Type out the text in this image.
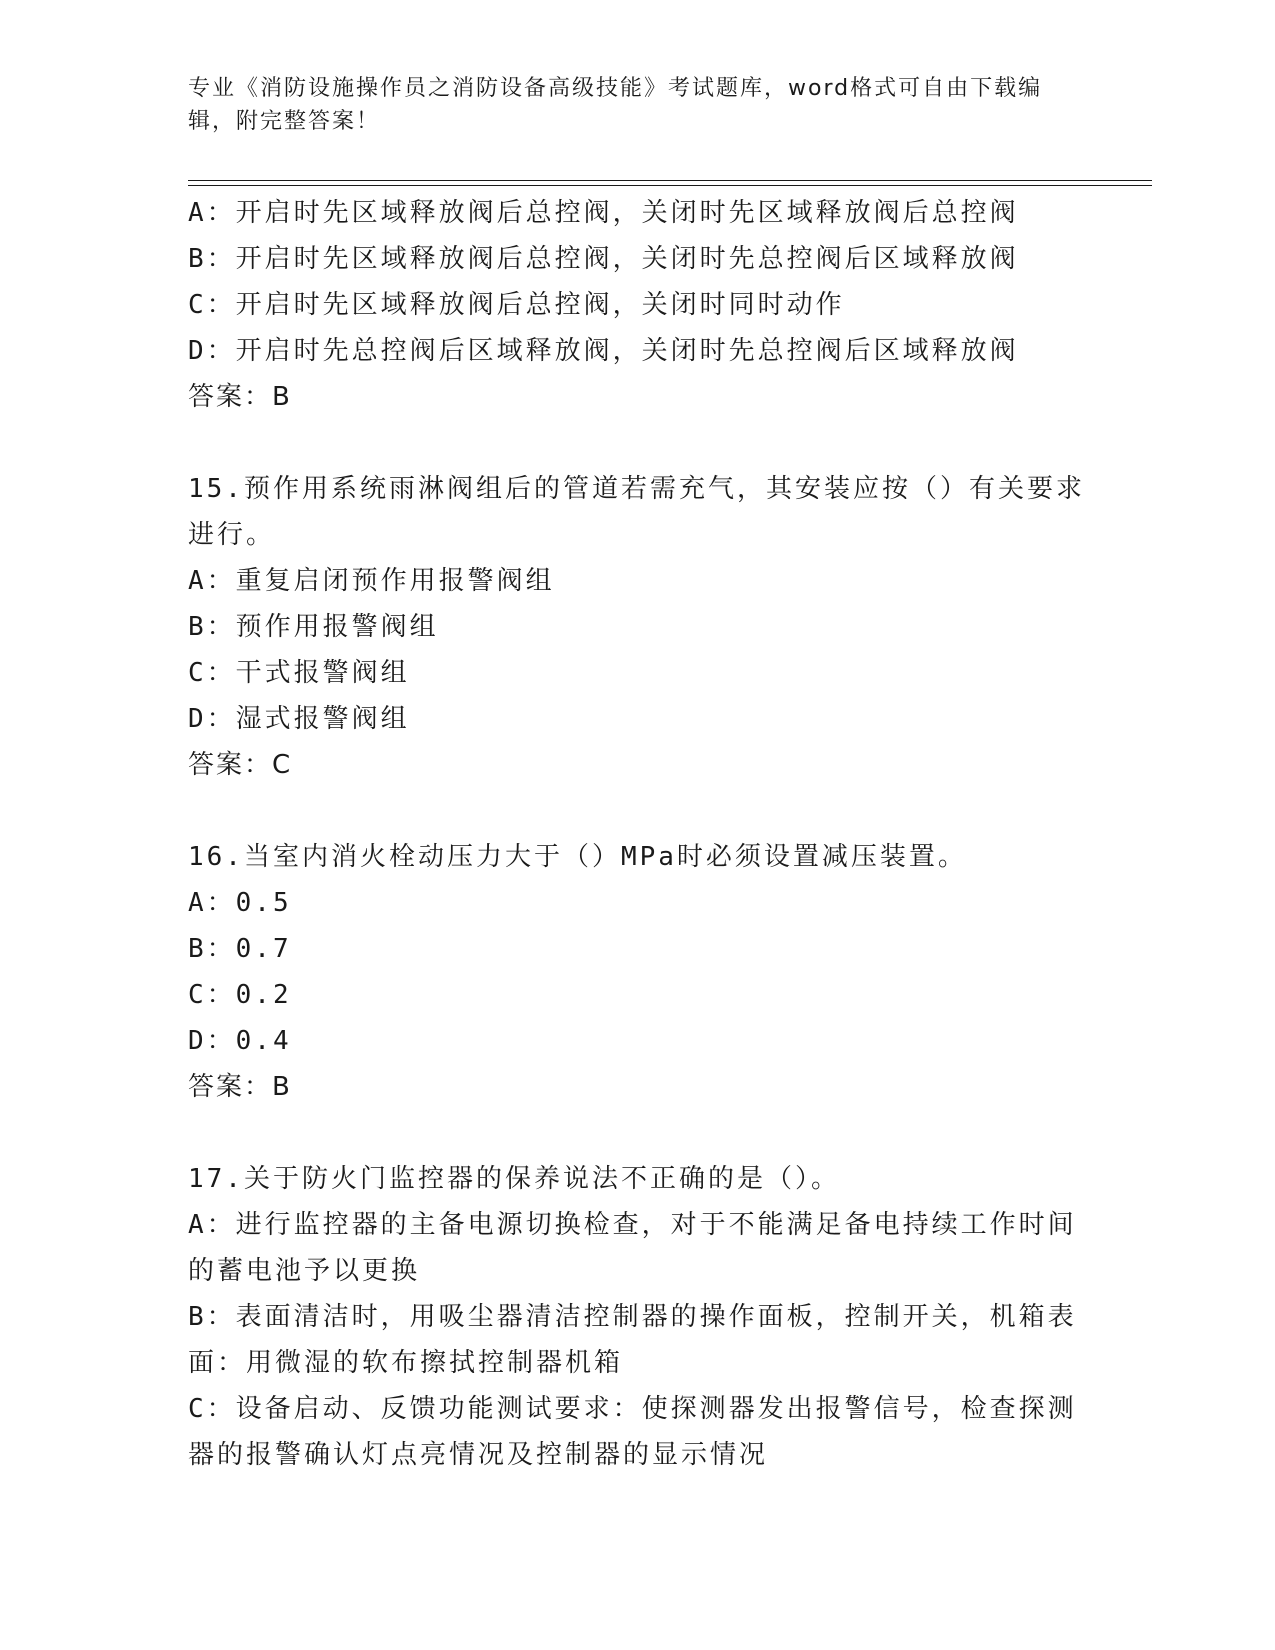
专业《消防设施操作员之消防设备高级技能》考试题库，word格式可自由下载编辑，附完整答案！
A：开启时先区域释放阀后总控阀，关闭时先区域释放阀后总控阀
B：开启时先区域释放阀后总控阀，关闭时先总控阀后区域释放阀
C：开启时先区域释放阀后总控阀，关闭时同时动作
D：开启时先总控阀后区域释放阀，关闭时先总控阀后区域释放阀
答案：B
15.预作用系统雨淋阀组后的管道若需充气，其安装应按（）有关要求
进行。
A：重复启闭预作用报警阀组
B：预作用报警阀组
C：干式报警阀组
D：湿式报警阀组
答案：C
16.当室内消火栓动压力大于（）MPa时必须设置减压装置。
A：0.5
B：0.7
C：0.2
D：0.4
答案：B
17.关于防火门监控器的保养说法不正确的是（）。
A：进行监控器的主备电源切换检查，对于不能满足备电持续工作时间
的蓄电池予以更换
B：表面清洁时，用吸尘器清洁控制器的操作面板，控制开关，机箱表
面：用微湿的软布擦拭控制器机箱
C：设备启动、反馈功能测试要求：使探测器发出报警信号，检查探测
器的报警确认灯点亮情况及控制器的显示情况
